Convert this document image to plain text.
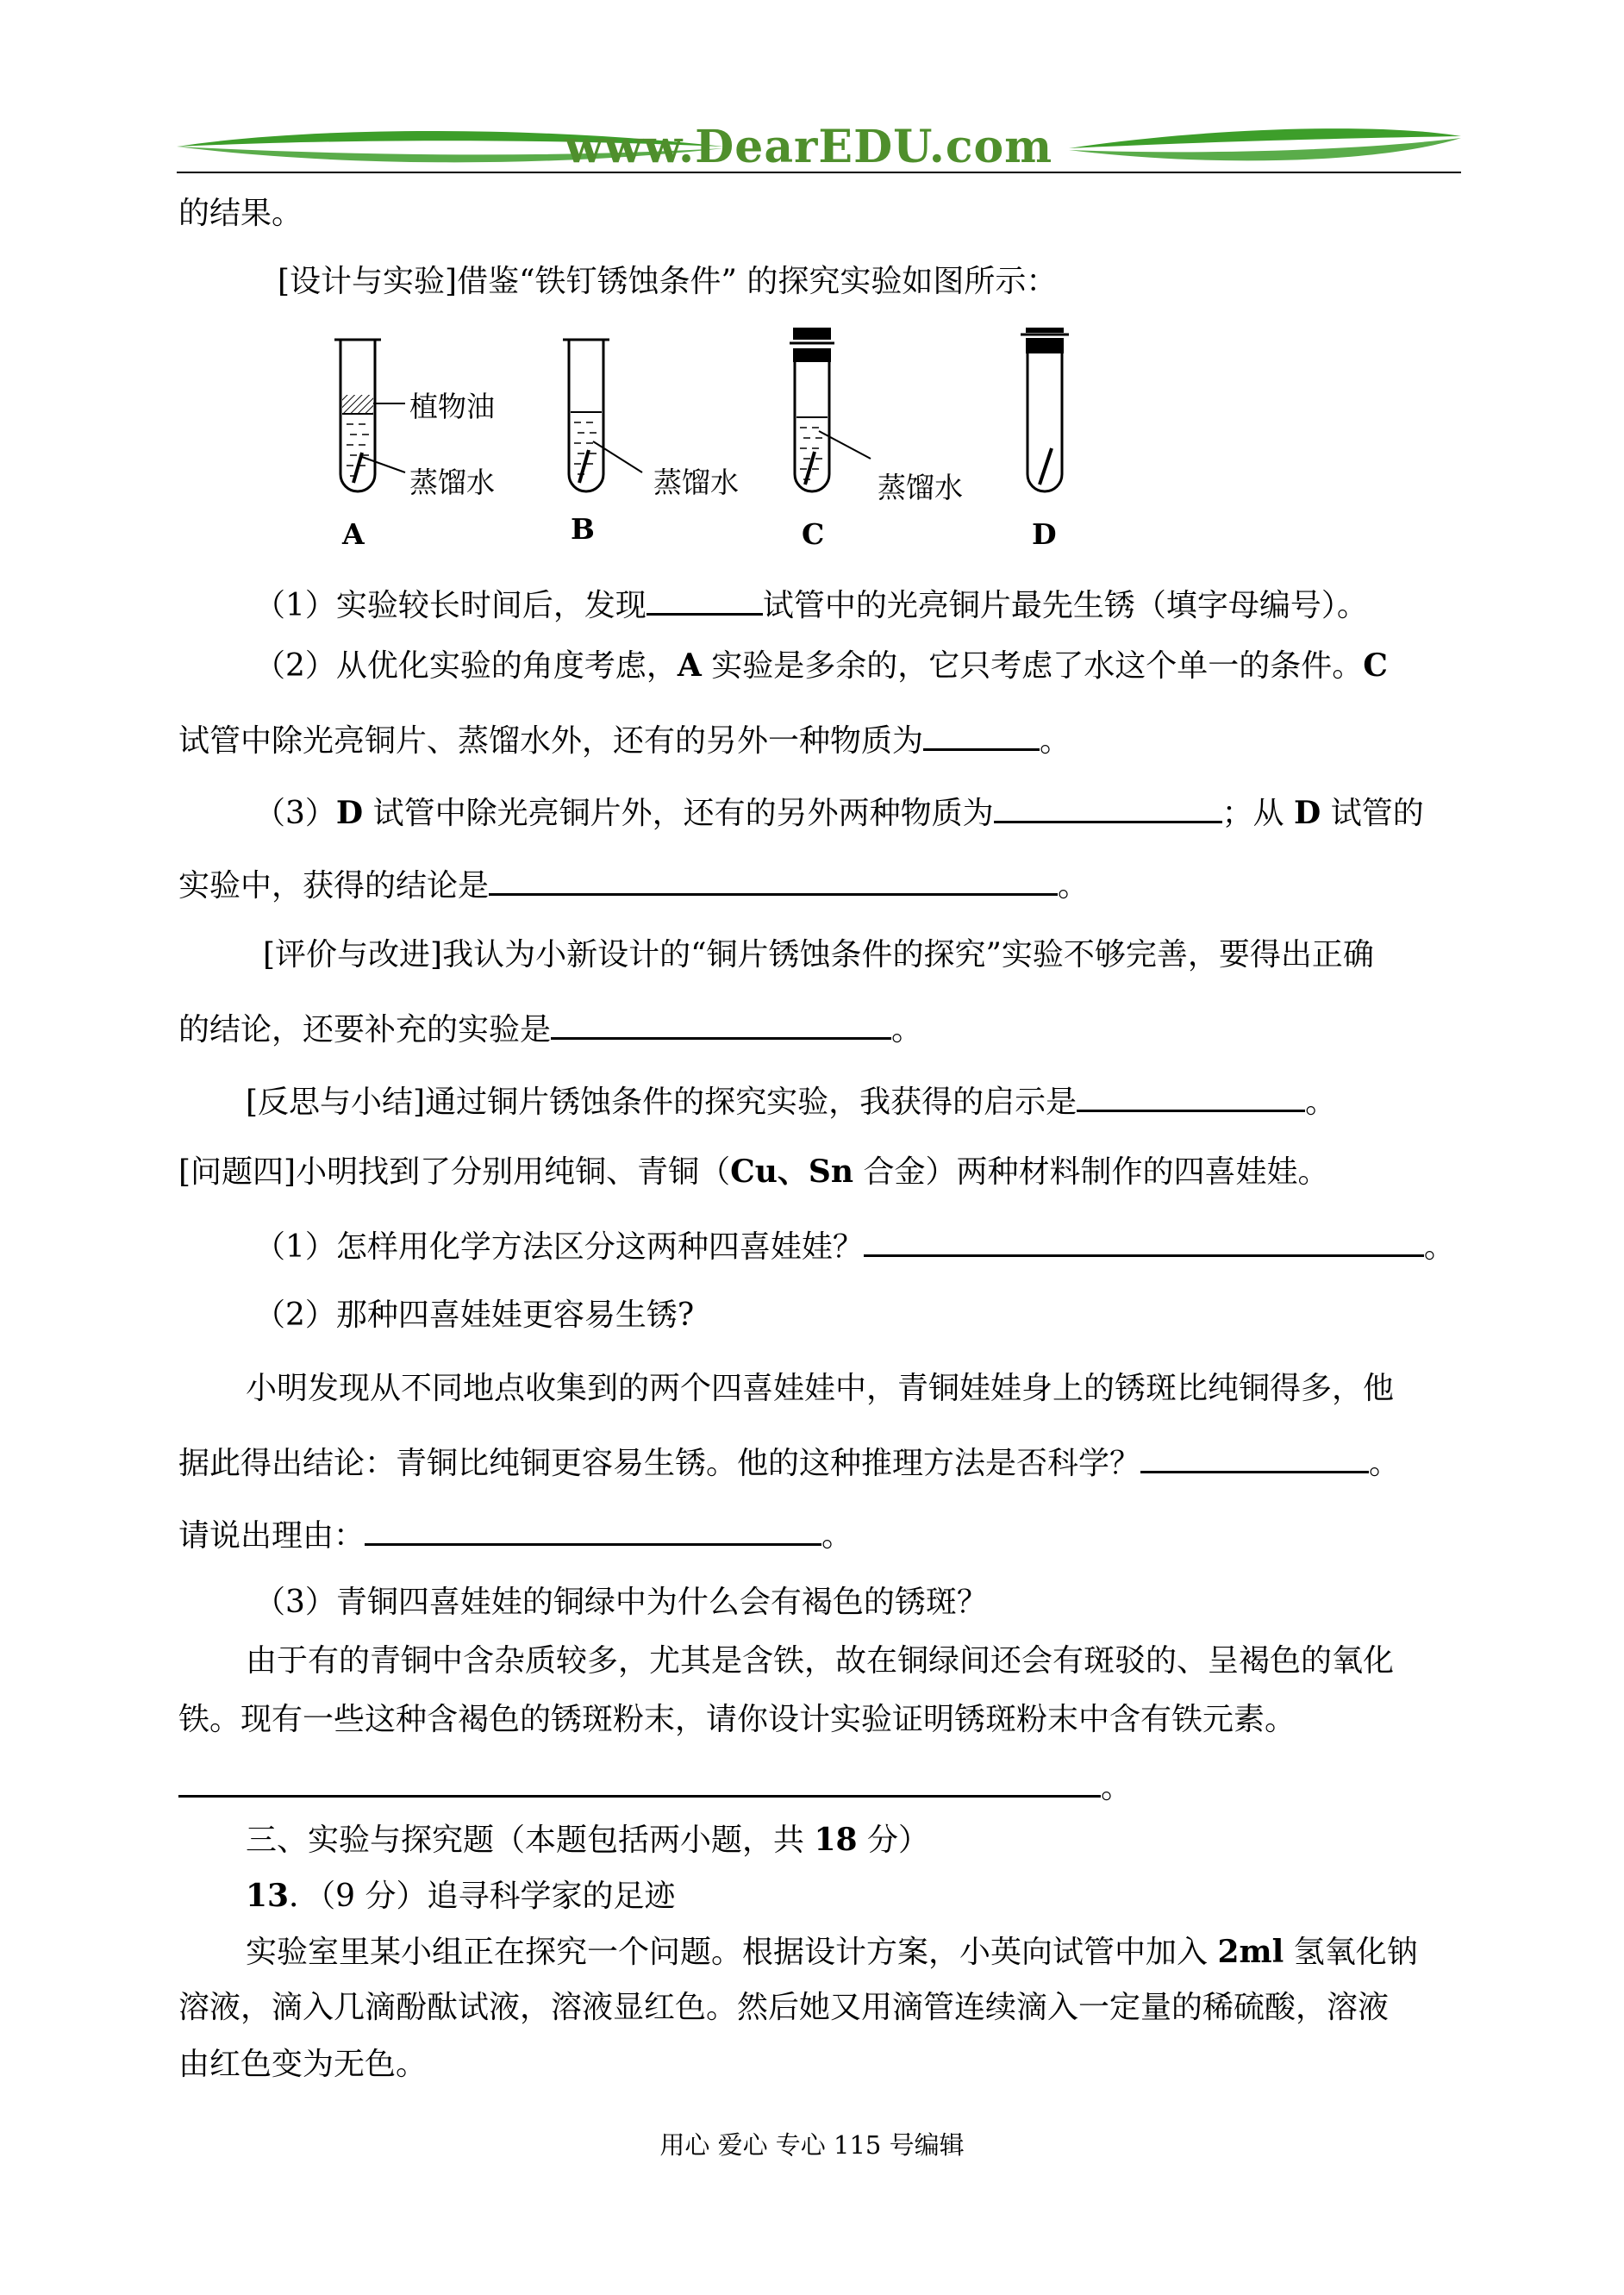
www.DearEDU.com
的结果。
[设计与实验]借鉴“铁钉锈蚀条件” 的探究实验如图所示：
植物油
蒸馏水	蒸馏水	蒸馏水
A	B	C	D
（1）实验较长时间后，发现	试管中的光亮铜片最先生锈（填字母编号）。
（2）从优化实验的角度考虑，A 实验是多余的，它只考虑了水这个单一的条件。C
试管中除光亮铜片、蒸馏水外，还有的另外一种物质为	。
（3）D 试管中除光亮铜片外，还有的另外两种物质为	；从 D 试管的
实验中，获得的结论是	。
[评价与改进]我认为小新设计的“铜片锈蚀条件的探究”实验不够完善，要得出正确
的结论，还要补充的实验是	。
[反思与小结]通过铜片锈蚀条件的探究实验，我获得的启示是	。
[问题四]小明找到了分别用纯铜、青铜（Cu、Sn 合金）两种材料制作的四喜娃娃。
（1）怎样用化学方法区分这两种四喜娃娃？	。
（2）那种四喜娃娃更容易生锈?
小明发现从不同地点收集到的两个四喜娃娃中，青铜娃娃身上的锈斑比纯铜得多，他
据此得出结论：青铜比纯铜更容易生锈。他的这种推理方法是否科学？	。
请说出理由：	。
（3）青铜四喜娃娃的铜绿中为什么会有褐色的锈斑？
由于有的青铜中含杂质较多，尤其是含铁，故在铜绿间还会有斑驳的、呈褐色的氧化
铁。现有一些这种含褐色的锈斑粉末，请你设计实验证明锈斑粉末中含有铁元素。
。
三、实验与探究题（本题包括两小题，共 18 分）
13．（9 分）追寻科学家的足迹
实验室里某小组正在探究一个问题。根据设计方案，小英向试管中加入 2ml 氢氧化钠
溶液，滴入几滴酚酞试液，溶液显红色。然后她又用滴管连续滴入一定量的稀硫酸，溶液
由红色变为无色。
用心 爱心 专心 115 号编辑
